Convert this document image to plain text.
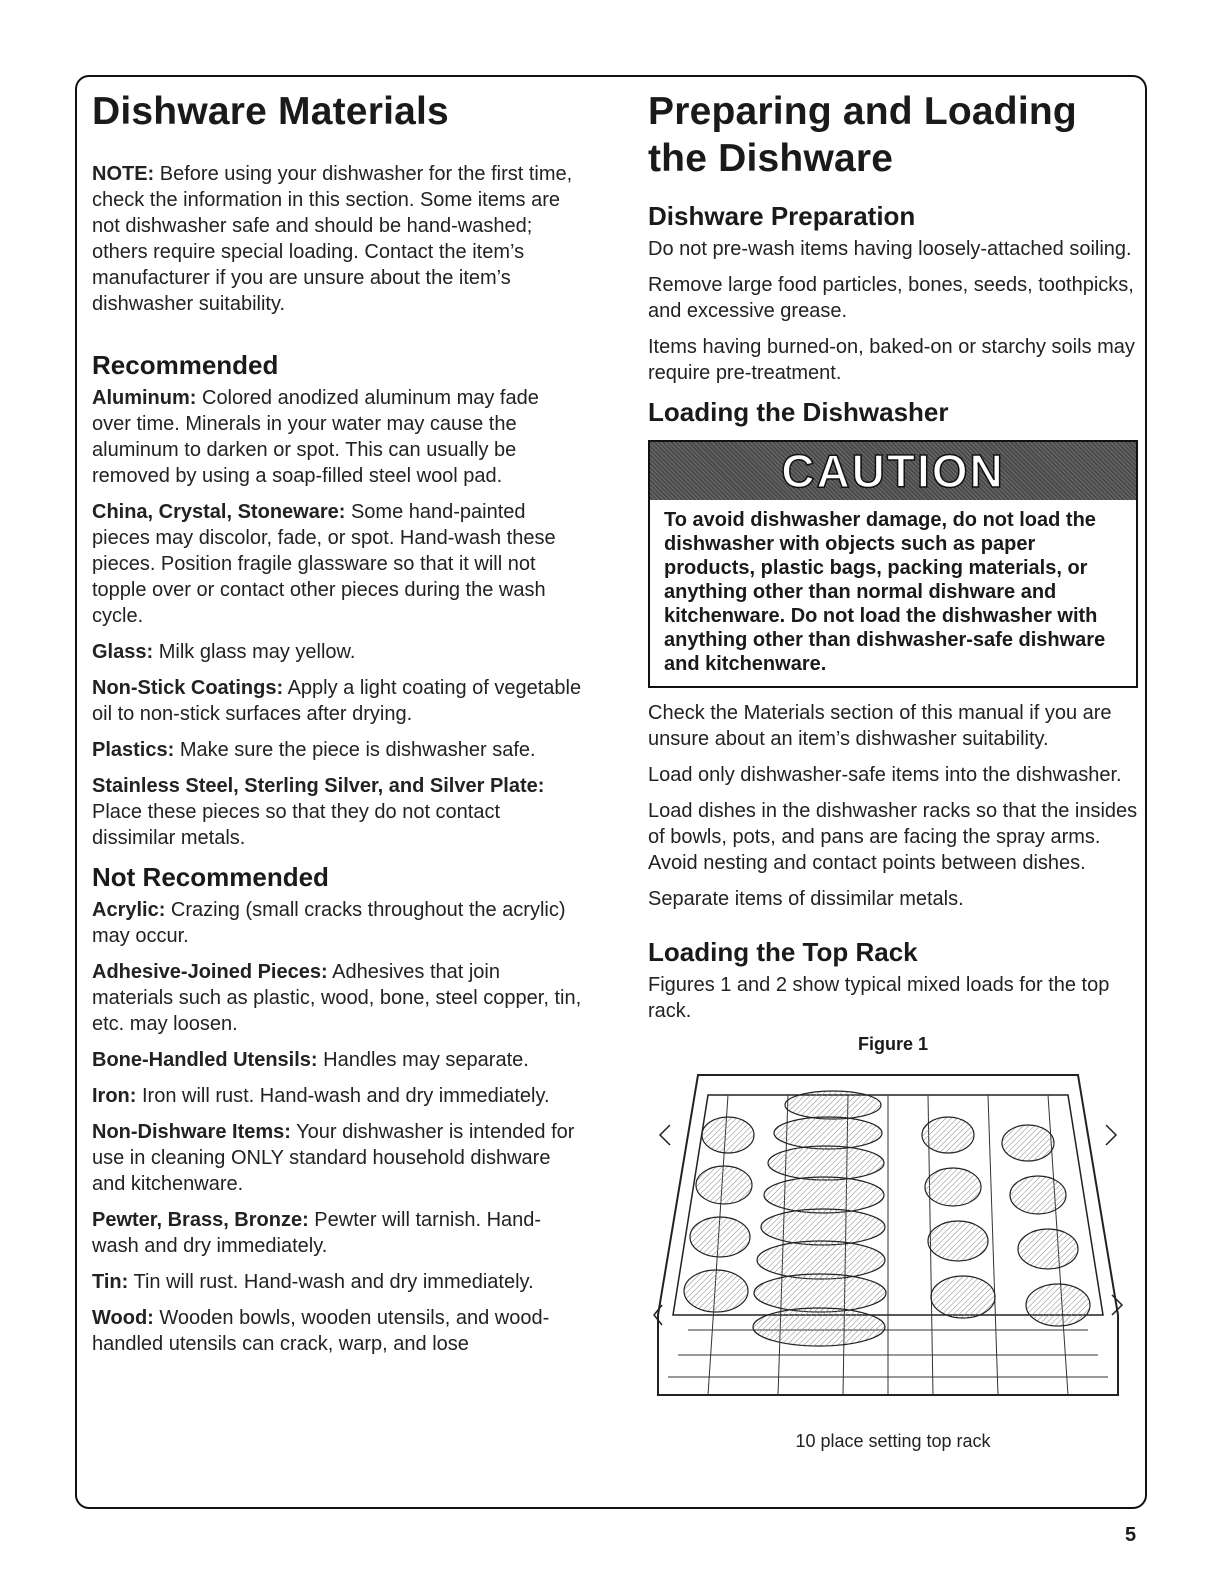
Dishware Materials

NOTE: Before using your dishwasher for the first time, check the information in this section. Some items are not dishwasher safe and should be hand-washed; others require special loading. Contact the item’s manufacturer if you are unsure about the item’s dishwasher suitability.

Recommended

Aluminum: Colored anodized aluminum may fade over time. Minerals in your water may cause the aluminum to darken or spot. This can usually be removed by using a soap-filled steel wool pad.

China, Crystal, Stoneware: Some hand-painted pieces may discolor, fade, or spot. Hand-wash these pieces. Position fragile glassware so that it will not topple over or contact other pieces during the wash cycle.

Glass: Milk glass may yellow.

Non-Stick Coatings: Apply a light coating of vegetable oil to non-stick surfaces after drying.

Plastics: Make sure the piece is dishwasher safe.

Stainless Steel, Sterling Silver, and Silver Plate: Place these pieces so that they do not contact dissimilar metals.

Not Recommended

Acrylic: Crazing (small cracks throughout the acrylic) may occur.

Adhesive-Joined Pieces: Adhesives that join materials such as plastic, wood, bone, steel copper, tin, etc. may loosen.

Bone-Handled Utensils: Handles may separate.

Iron: Iron will rust. Hand-wash and dry immediately.

Non-Dishware Items: Your dishwasher is intended for use in cleaning ONLY standard household dishware and kitchenware.

Pewter, Brass, Bronze: Pewter will tarnish. Hand-wash and dry immediately.

Tin: Tin will rust. Hand-wash and dry immediately.

Wood: Wooden bowls, wooden utensils, and wood-handled utensils can crack, warp, and lose

Preparing and Loading
the Dishware
Dishware Preparation

Do not pre-wash items having loosely-attached soiling.

Remove large food particles, bones, seeds, toothpicks, and excessive grease.

Items having burned-on, baked-on or starchy soils may require pre-treatment.

Loading the Dishwasher
CAUTION
To avoid dishwasher damage, do not load the dishwasher with objects such as paper products, plastic bags, packing materials, or anything other than normal dishware and kitchenware. Do not load the dishwasher with anything other than dishwasher-safe dishware and kitchenware.

Check the Materials section of this manual if you are unsure about an item’s dishwasher suitability.

Load only dishwasher-safe items into the dishwasher.

Load dishes in the dishwasher racks so that the insides of bowls, pots, and pans are facing the spray arms. Avoid nesting and contact points between dishes.

Separate items of dissimilar metals.

Loading the Top Rack

Figures 1 and 2 show typical mixed loads for the top rack.

Figure 1
10 place setting top rack
5
